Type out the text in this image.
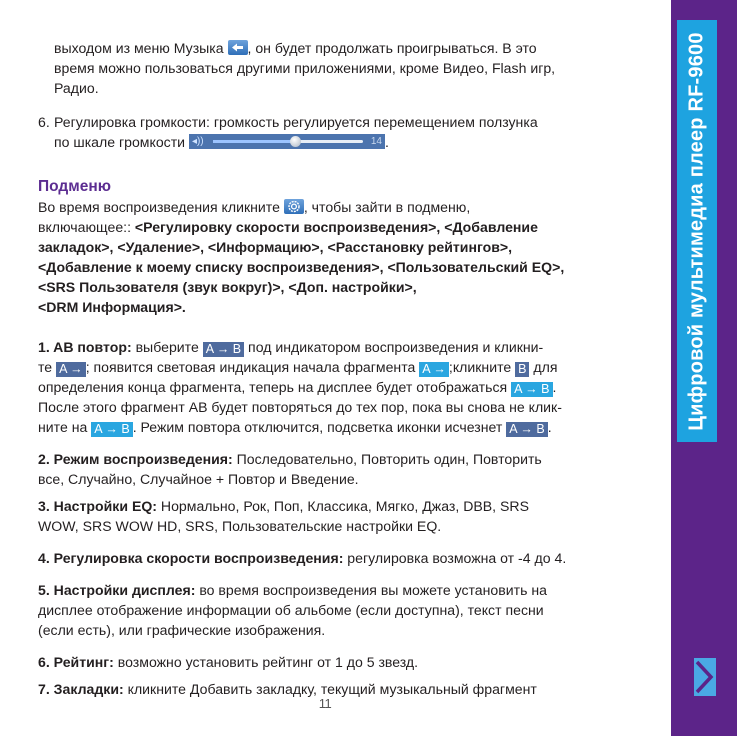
выходом из меню Музыка
, он будет продолжать проигрываться. В это

время можно пользоваться другими приложениями, кроме Видео, Flash игр,

Радио.

6. Регулировка громкости: громкость регулируется перемещением ползунка

по шкале громкости ◂))	14 .

Подменю

Во время воспроизведения кликните
, чтобы зайти в подменю,

включающее:: <Регулировку скорости воспроизведения>, <Добавление

закладок>, <Удаление>, <Информацию>, <Расстановку рейтингов>,

<Добавление к моему списку воспроизведения>, <Пользовательский EQ>,

<SRS Пользователя (звук вокруг)>, <Доп. настройки>,

<DRM Информация>.

1. AB повтор: выберите A → B под индикатором воспроизведения и кликни-

те A → ; появится световая индикация начала фрагмента A → ;кликните B для

определения конца фрагмента, теперь на дисплее будет отображаться A → B .

После этого фрагмент AB будет повторяться до тех пор, пока вы снова не клик-

ните на A → B . Режим повтора отключится, подсветка иконки исчезнет A → B .

2. Режим воспроизведения: Последовательно, Повторить один, Повторить

все, Случайно, Случайное + Повтор и Введение.

3. Настройки EQ: Нормально, Рок, Поп, Классика, Мягко, Джаз, DBB, SRS

WOW, SRS WOW HD, SRS, Пользовательские настройки EQ.

4. Регулировка скорости воспроизведения: регулировка возможна от -4 до 4.

5. Настройки дисплея: во время воспроизведения вы можете установить на

дисплее отображение информации об альбоме (если доступна), текст песни

(если есть), или графические изображения.

6. Рейтинг: возможно установить рейтинг от 1 до 5 звезд.

7. Закладки: кликните Добавить закладку, текущий музыкальный фрагмент

11
Цифровой мультимедиа плеер RF-9600
